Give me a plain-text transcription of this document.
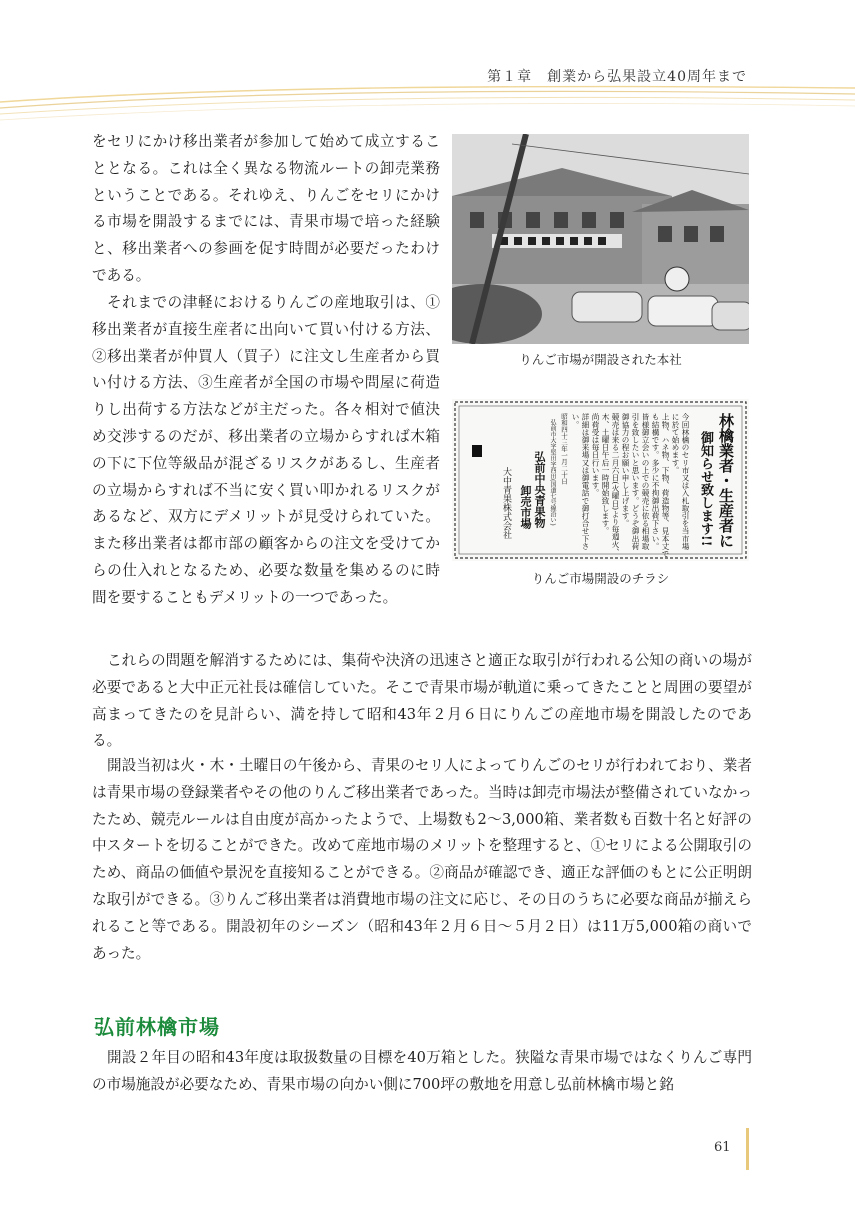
第１章　創業から弘果設立40周年まで

をセリにかけ移出業者が参加して始めて成立することとなる。これは全く異なる物流ルートの卸売業務ということである。それゆえ、りんごをセリにかける市場を開設するまでには、青果市場で培った経験と、移出業者への参画を促す時間が必要だったわけである。

それまでの津軽におけるりんごの産地取引は、①移出業者が直接生産者に出向いて買い付ける方法、②移出業者が仲買人（買子）に注文し生産者から買い付ける方法、③生産者が全国の市場や問屋に荷造りし出荷する方法などが主だった。各々相対で値決め交渉するのだが、移出業者の立場からすれば木箱の下に下位等級品が混ざるリスクがあるし、生産者の立場からすれば不当に安く買い叩かれるリスクがあるなど、双方にデメリットが見受けられていた。また移出業者は都市部の顧客からの注文を受けてからの仕入れとなるため、必要な数量を集めるのに時間を要することもデメリットの一つであった。

りんご市場が開設された本社
林檎業者・生産者に
御知らせ致します!!
今回林檎のセリ市又は入札取引を当市場
に於て始めます。
上物、ハネ物、下物、荷造物等、見本丈で
も結構です。多少に不拘御出荷下さい。
皆様御立会いの上での競売に依る相場取
引を致したいと思います。どうぞ御出荷
御協力の程お願い申し上げます。
競売は来る二月六日(火曜日)より毎週火、
木、土曜日午后一時開始致します。
尚荷受は毎日行います。
詳細は御来場又は御電話で御打合せ下さ
い。
昭和四十三年一月二十日
弘前市大字堅田字西田(国道七号線沿い)
弘前中央青果物
卸売市場
大中青果株式会社
りんご市場開設のチラシ

これらの問題を解消するためには、集荷や決済の迅速さと適正な取引が行われる公知の商いの場が必要であると大中正元社長は確信していた。そこで青果市場が軌道に乗ってきたことと周囲の要望が高まってきたのを見計らい、満を持して昭和43年２月６日にりんごの産地市場を開設したのである。

開設当初は火・木・土曜日の午後から、青果のセリ人によってりんごのセリが行われており、業者は青果市場の登録業者やその他のりんご移出業者であった。当時は卸売市場法が整備されていなかったため、競売ルールは自由度が高かったようで、上場数も2〜3,000箱、業者数も百数十名と好評の中スタートを切ることができた。改めて産地市場のメリットを整理すると、①セリによる公開取引のため、商品の価値や景況を直接知ることができる。②商品が確認でき、適正な評価のもとに公正明朗な取引ができる。③りんご移出業者は消費地市場の注文に応じ、その日のうちに必要な商品が揃えられること等である。開設初年のシーズン（昭和43年２月６日〜５月２日）は11万5,000箱の商いであった。

弘前林檎市場

開設２年目の昭和43年度は取扱数量の目標を40万箱とした。狭隘な青果市場ではなくりんご専門の市場施設が必要なため、青果市場の向かい側に700坪の敷地を用意し弘前林檎市場と銘

61
